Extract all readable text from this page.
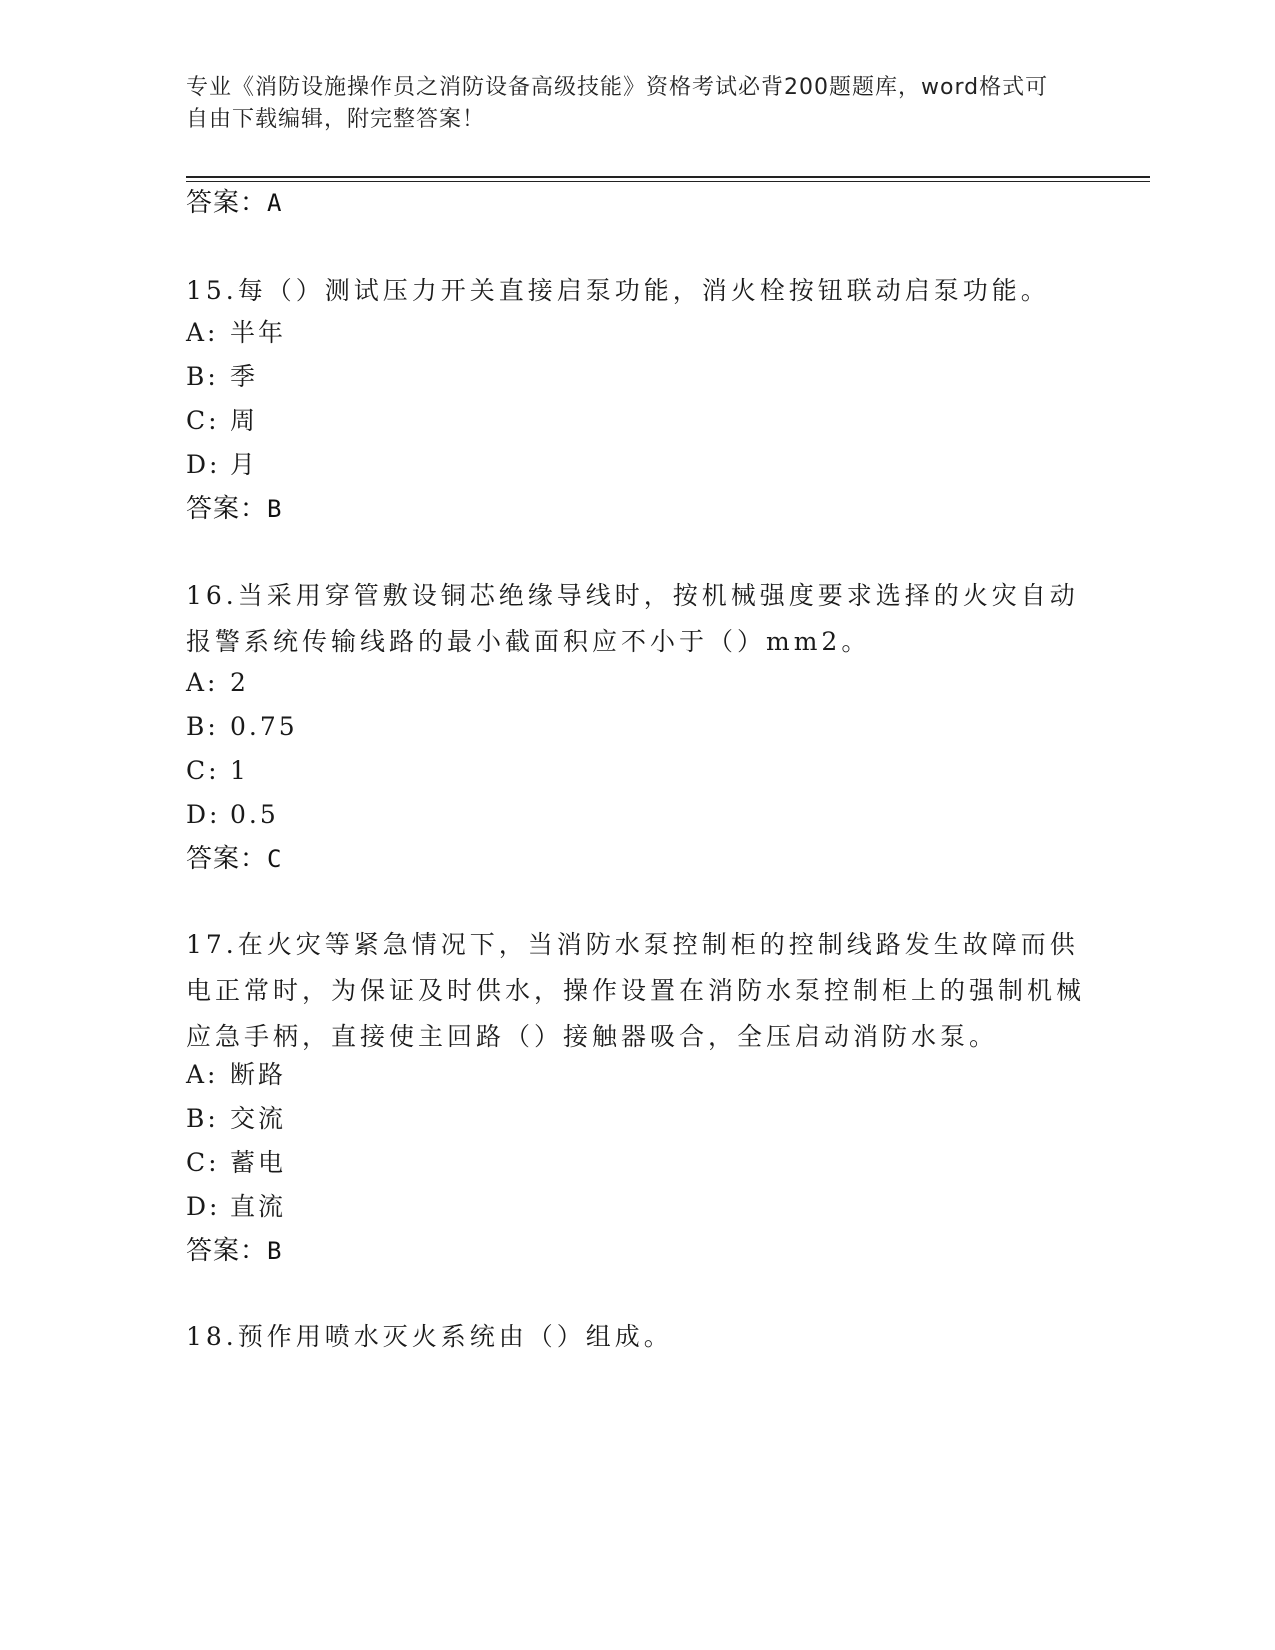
专业《消防设施操作员之消防设备高级技能》资格考试必背200题题库，word格式可自由下载编辑，附完整答案！
答案：A
15.每（）测试压力开关直接启泵功能，消火栓按钮联动启泵功能。
A: 半年
B: 季
C: 周
D: 月
答案：B
16.当采用穿管敷设铜芯绝缘导线时，按机械强度要求选择的火灾自动报警系统传输线路的最小截面积应不小于（）mm2。
A: 2
B: 0.75
C: 1
D: 0.5
答案：C
17.在火灾等紧急情况下，当消防水泵控制柜的控制线路发生故障而供电正常时，为保证及时供水，操作设置在消防水泵控制柜上的强制机械应急手柄，直接使主回路（）接触器吸合，全压启动消防水泵。
A: 断路
B: 交流
C: 蓄电
D: 直流
答案：B
18.预作用喷水灭火系统由（）组成。
